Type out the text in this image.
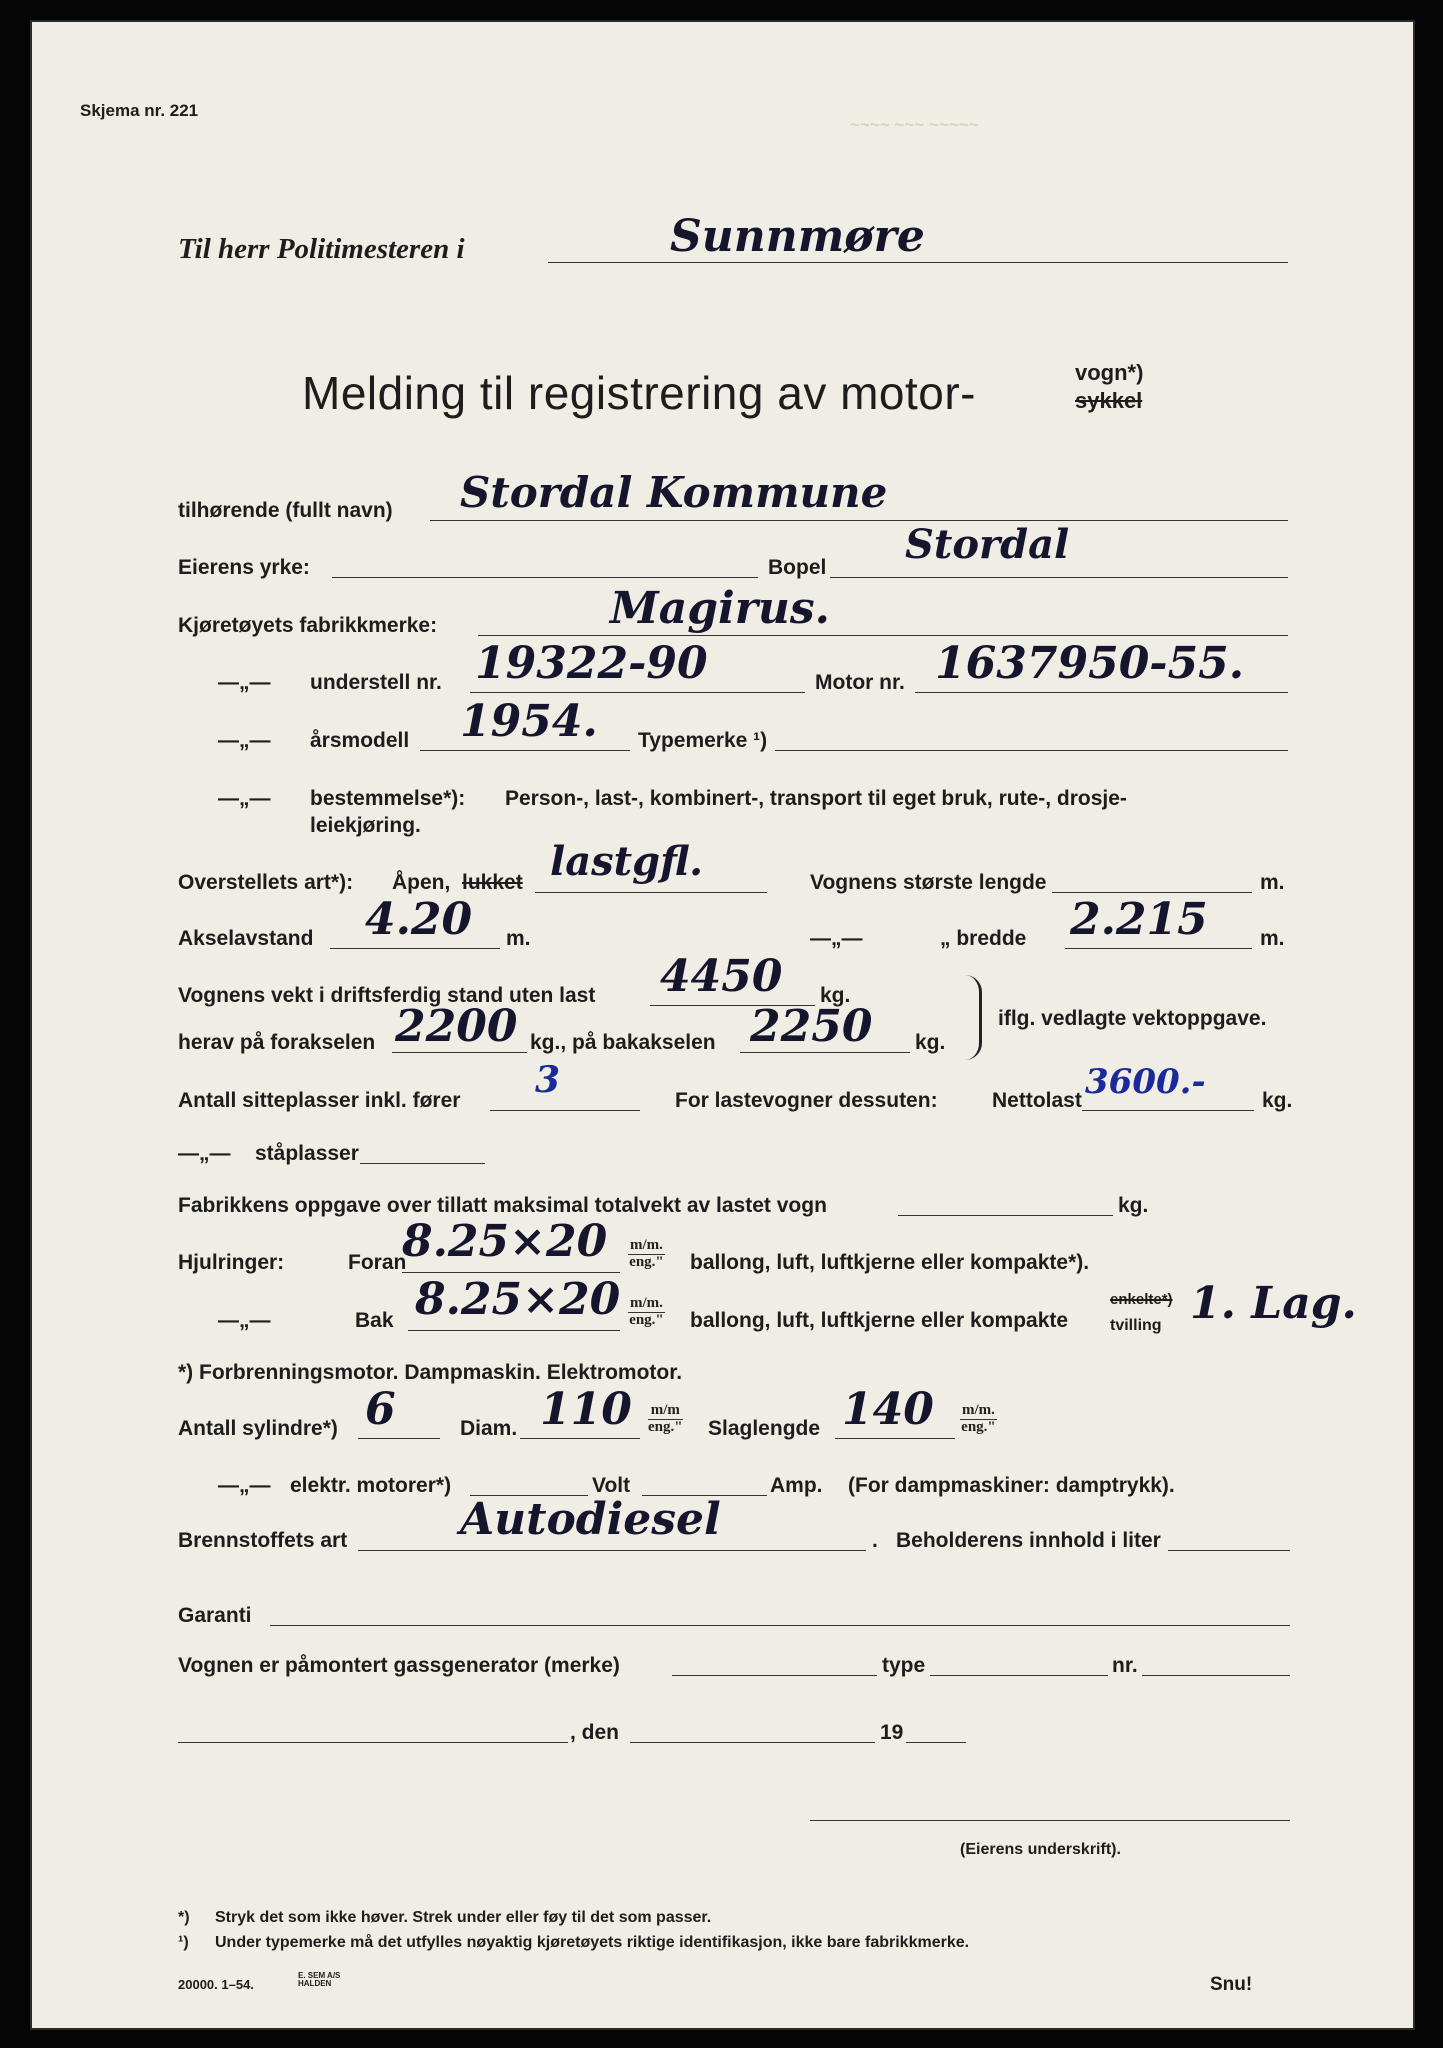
~~~~ ~~~ ~~~~~
Skjema nr. 221
Til herr Politimesteren i	Sunnmøre
Melding til registrering av motor-	vogn*)
sykkel
tilhørende (fullt navn) Stordal Kommune
Eierens yrke:	Bopel Stordal
Kjøretøyets fabrikkmerke:	Magirus.
—„— understell nr. 19322-90	Motor nr. 1637950-55.
—„— årsmodell 1954. Typemerke ¹)
—„— bestemmelse*): Person-, last-, kombinert-, transport til eget bruk, rute-, drosje-
leiekjøring.
Overstellets art*): Åpen, lukket lastgfl.	Vognens største lengde	m.
Akselavstand 4.20 m.	—„—	„ bredde 2.215 m.
Vognens vekt i driftsferdig stand uten last 4450 kg.
herav på forakselen 2200 kg., på bakakselen 2250 kg.
iflg. vedlagte vektoppgave.
Antall sitteplasser inkl. fører 3	For lastevogner dessuten:	Nettolast 3600.-	kg.
—„— ståplasser
Fabrikkens oppgave over tillatt maksimal totalvekt av lastet vogn	kg.
Hjulringer:	Foran
8.25×20 m/m.
eng." ballong, luft, luftkjerne eller kompakte*).
—„—	Bak 8.25×20 m/m.
eng." ballong, luft, luftkjerne eller kompakte
enkelte*)
tvilling 1. Lag.
*) Forbrenningsmotor. Dampmaskin. Elektromotor.
Antall sylindre*) 6	Diam. 110 m/m
eng." Slaglengde 140 m/m.
eng."
—„— elektr. motorer*)	Volt	Amp. (For dampmaskiner: damptrykk).
Brennstoffets art	Autodiesel	. Beholderens innhold i liter
Garanti
Vognen er påmontert gassgenerator (merke)	type	nr.
, den	19
(Eierens underskrift).
*) Stryk det som ikke høver. Strek under eller føy til det som passer.
¹) Under typemerke må det utfylles nøyaktig kjøretøyets riktige identifikasjon, ikke bare fabrikkmerke.
20000. 1–54.
E. SEM A/S HALDEN	Snu!
